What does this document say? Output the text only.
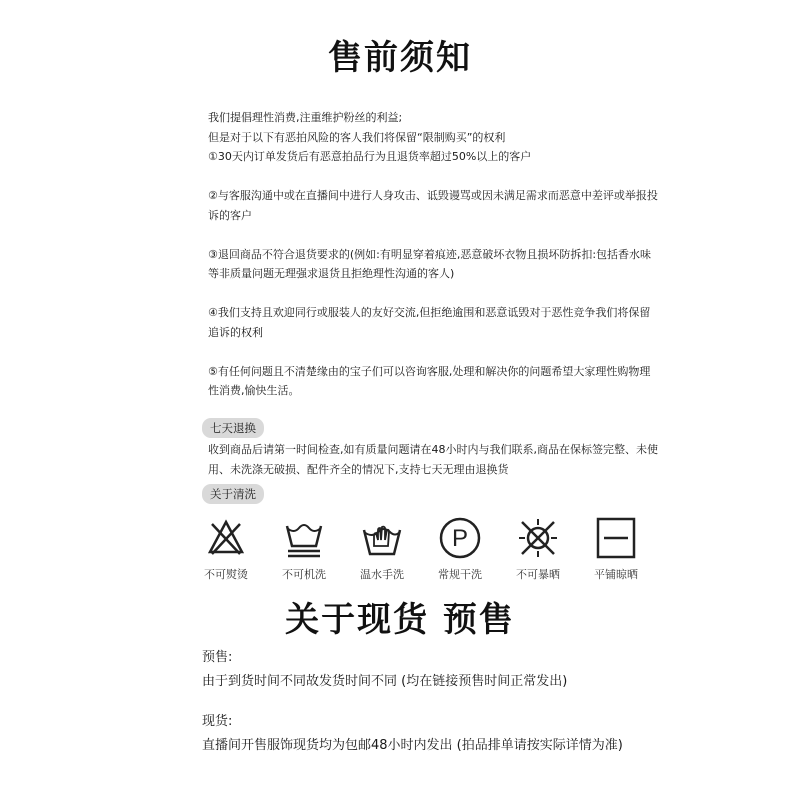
售前须知

我们提倡理性消费,注重维护粉丝的利益;

但是对于以下有恶拍风险的客人我们将保留“限制购买”的权利

①30天内订单发货后有恶意拍品行为且退货率超过50%以上的客户

②与客服沟通中或在直播间中进行人身攻击、诋毁谩骂或因未满足需求而恶意中差评或举报投诉的客户

③退回商品不符合退货要求的(例如:有明显穿着痕迹,恶意破坏衣物且损坏防拆扣:包括香水味等非质量问题无理强求退货且拒绝理性沟通的客人)

④我们支持且欢迎同行或服装人的友好交流,但拒绝逾围和恶意诋毁对于恶性竞争我们将保留追诉的权利

⑤有任何问题且不清楚缘由的宝子们可以咨询客服,处理和解决你的问题希望大家理性购物理性消费,愉快生活。

七天退换

收到商品后请第一时间检查,如有质量问题请在48小时内与我们联系,商品在保标签完整、未使用、未洗涤无破损、配件齐全的情况下,支持七天无理由退换货

关于清洗
不可熨烫	不可机洗	温水手洗
P
常规干洗	不可暴晒	平铺晾晒
关于现货 预售
预售:
由于到货时间不同故发货时间不同 (均在链接预售时间正常发出)
现货:
直播间开售服饰现货均为包邮48小时内发出 (拍品排单请按实际详情为准)
